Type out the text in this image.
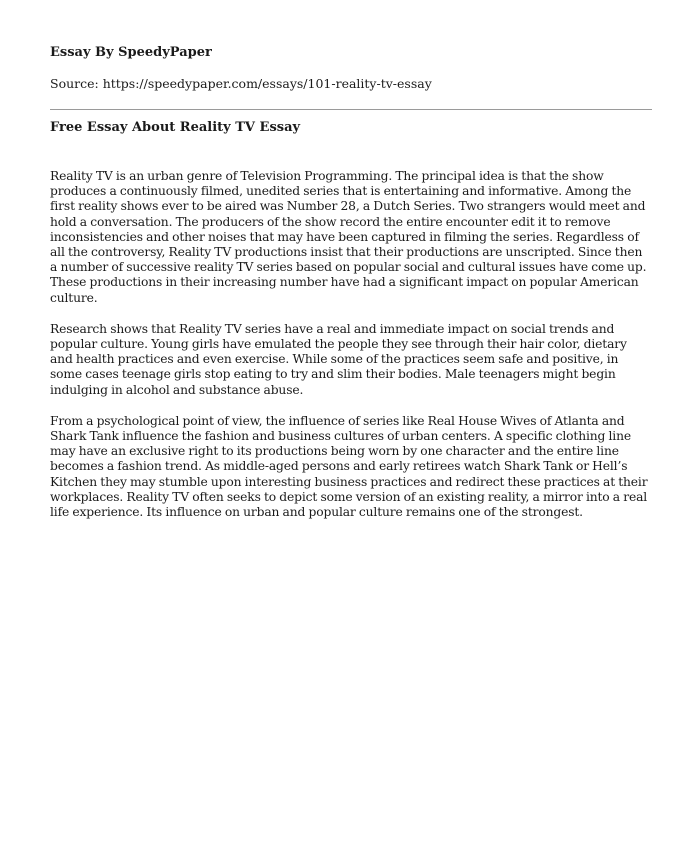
Essay By SpeedyPaper

Source: https://speedypaper.com/essays/101-reality-tv-essay

Free Essay About Reality TV Essay

Reality TV is an urban genre of Television Programming. The principal idea is that the show produces a continuously filmed, unedited series that is entertaining and informative. Among the first reality shows ever to be aired was Number 28, a Dutch Series. Two strangers would meet and hold a conversation. The producers of the show record the entire encounter edit it to remove inconsistencies and other noises that may have been captured in filming the series. Regardless of all the controversy, Reality TV productions insist that their productions are unscripted. Since then a number of successive reality TV series based on popular social and cultural issues have come up. These productions in their increasing number have had a significant impact on popular American culture.

Research shows that Reality TV series have a real and immediate impact on social trends and popular culture. Young girls have emulated the people they see through their hair color, dietary and health practices and even exercise. While some of the practices seem safe and positive, in some cases teenage girls stop eating to try and slim their bodies. Male teenagers might begin indulging in alcohol and substance abuse.

From a psychological point of view, the influence of series like Real House Wives of Atlanta and Shark Tank influence the fashion and business cultures of urban centers. A specific clothing line may have an exclusive right to its productions being worn by one character and the entire line becomes a fashion trend. As middle-aged persons and early retirees watch Shark Tank or Hell’s Kitchen they may stumble upon interesting business practices and redirect these practices at their workplaces. Reality TV often seeks to depict some version of an existing reality, a mirror into a real life experience. Its influence on urban and popular culture remains one of the strongest.
